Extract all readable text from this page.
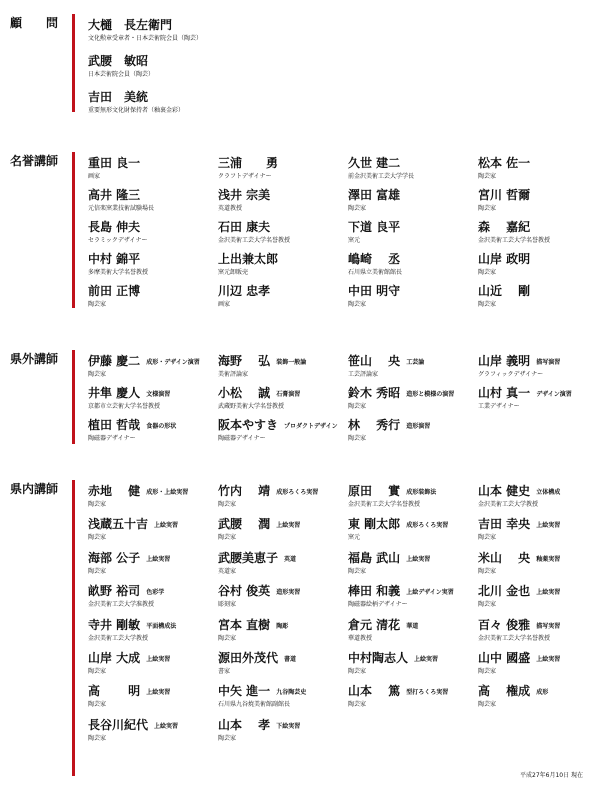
顧　　問 大樋　長左衛門
文化勲章受章者・日本芸術院会員（陶芸）
武腰　敏昭
日本芸術院会員（陶芸）
吉田　美統
重要無形文化財保持者（釉裏金彩）
名誉講師 重田 良一
画家
三浦　　勇
クラフトデザイナー
久世 建二
前金沢美術工芸大学学長
松本 佐一
陶芸家
高井 隆三
元信楽窯業技術試験場長
浅井 宗美
英道教授
澤田 富雄
陶芸家
宮川 哲爾
陶芸家
長島 伸夫
セラミックデザイナー
石田 康夫
金沢美術工芸大学名誉教授
下道 良平
窯元
森　 嘉紀
金沢美術工芸大学名誉教授
中村 錦平
多摩美術大学名誉教授
上出兼太郎
窯元卸販売
嶋崎　 丞
石川県立美術館館長
山岸 政明
陶芸家
前田 正博
陶芸家
川辺 忠孝
画家
中田 明守
陶芸家
山近　 剛
陶芸家
県外講師 伊藤 慶二 成形・デザイン演習
陶芸家
海野　 弘 装飾一般論
美術評論家
笹山　 央 工芸論
工芸評論家
山岸 義明 描写演習
グラフィックデザイナー
井隼 慶人 文様演習
京都市立芸術大学名誉教授
小松　 誠 石膏演習
武蔵野美術大学名誉教授
鈴木 秀昭 造形と模様の演習
陶芸家
山村 真一 デザイン演習
工業デザイナー
植田 哲哉 食器の形状
陶磁器デザイナー
阪本やすき プロダクトデザイン
陶磁器デザイナー
林　 秀行 造形演習
陶芸家
県内講師 赤地　 健 成形・上絵実習
陶芸家
竹内　 靖 成形ろくろ実習
陶芸家
原田　 實 成形装飾法
金沢美術工芸大学名誉教授
山本 健史 立体構成
金沢美術工芸大学教授
浅蔵五十吉 上絵実習
陶芸家
武腰　 潤 上絵実習
陶芸家
東 剛太郎 成形ろくろ実習
窯元
吉田 幸央 上絵実習
陶芸家
海部 公子 上絵実習
陶芸家
武腰美恵子 英道
英道家
福島 武山 上絵実習
陶芸家
米山　 央 釉薬実習
陶芸家
畝野 裕司 色彩学
金沢美術工芸大学准教授
谷村 俊英 造形実習
彫刻家
棒田 和義 上絵デザイン実習
陶磁器絵柄デザイナー
北川 金也 上絵実習
陶芸家
寺井 剛敏 平面構成法
金沢美術工芸大学教授
宮本 直樹 陶彫
陶芸家
倉元 清花 華道
華道教授
百々 俊雅 描写実習
金沢美術工芸大学名誉教授
山岸 大成 上絵実習
陶芸家
源田外茂代 書道
書家
中村陶志人 上絵実習
陶芸家
山中 國盛 上絵実習
陶芸家
高　　 明 上絵実習
陶芸家
中矢 進一 九谷陶芸史
石川県九谷焼美術館副館長
山本　 篤 型打ろくろ実習
陶芸家
高　 権成 成形
陶芸家
長谷川紀代 上絵実習
陶芸家
山本　 孝 下絵実習
陶芸家
平成27年6月10日 現在
